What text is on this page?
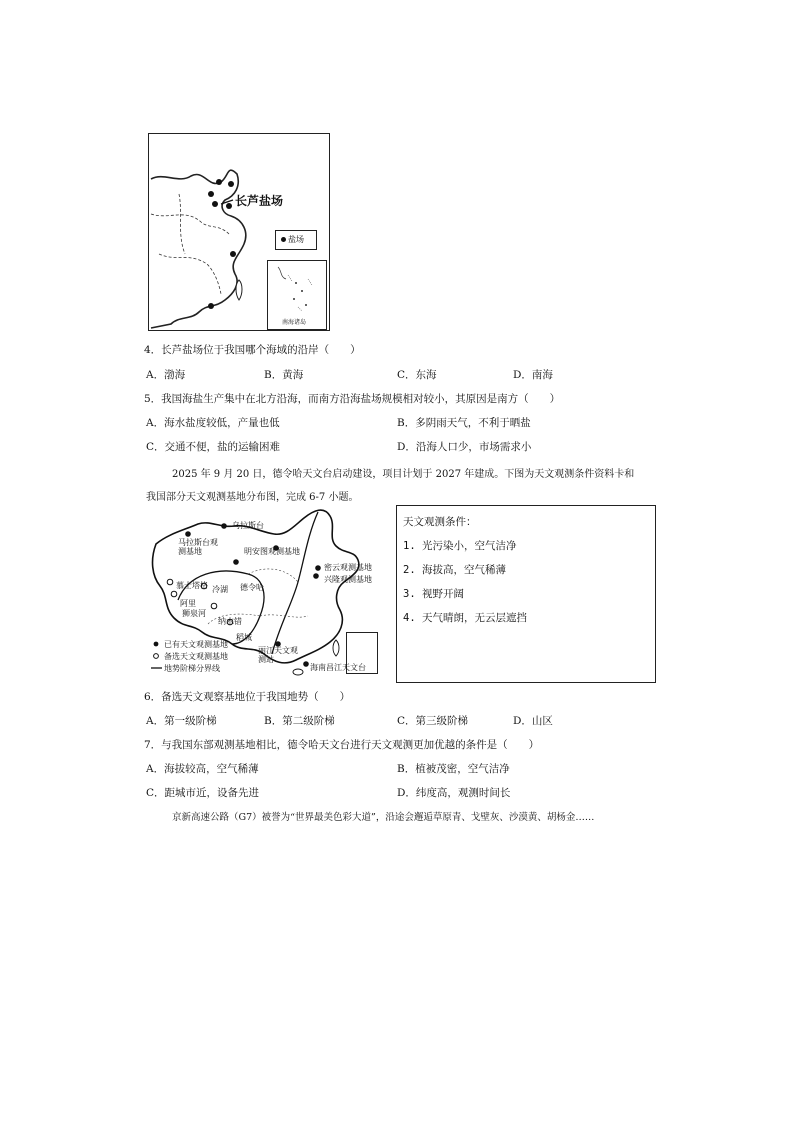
长芦盐场
盐场
南海诸岛
4．长芦盐场位于我国哪个海域的沿岸（　　）
A．渤海	B．黄海	C．东海	D．南海
5．我国海盐生产集中在北方沿海，而南方沿海盐场规模相对较小，其原因是南方（　　）
A．海水盐度较低，产量也低	B．多阴雨天气，不利于晒盐
C．交通不便，盐的运输困难	D．沿海人口少，市场需求小
2025 年 9 月 20 日，德令哈天文台启动建设，项目计划于 2027 年建成。下图为天文观测条件资料卡和
我国部分天文观测基地分布图，完成 6-7 小题。
乌拉斯台
马拉斯台观测基地	明安图观测基地
密云观测基地
兴隆观测基地
德令哈
冷湖
阿里
稻城
丽江天文观测站
海南昌江天文台
狮泉河
慕士塔格
纳木错
已有天文观测基地
备选天文观测基地
地势阶梯分界线
天文观测条件：
1. 光污染小，空气洁净
2. 海拔高，空气稀薄
3. 视野开阔
4. 天气晴朗，无云层遮挡
6．备选天文观察基地位于我国地势（　　）
A．第一级阶梯	B．第二级阶梯	C．第三级阶梯	D．山区
7．与我国东部观测基地相比，德令哈天文台进行天文观测更加优越的条件是（　　）
A．海拔较高，空气稀薄	B．植被茂密，空气洁净
C．距城市近，设备先进	D．纬度高，观测时间长
京新高速公路（G7）被誉为“世界最美色彩大道”，沿途会邂逅草原青、戈壁灰、沙漠黄、胡杨金……
